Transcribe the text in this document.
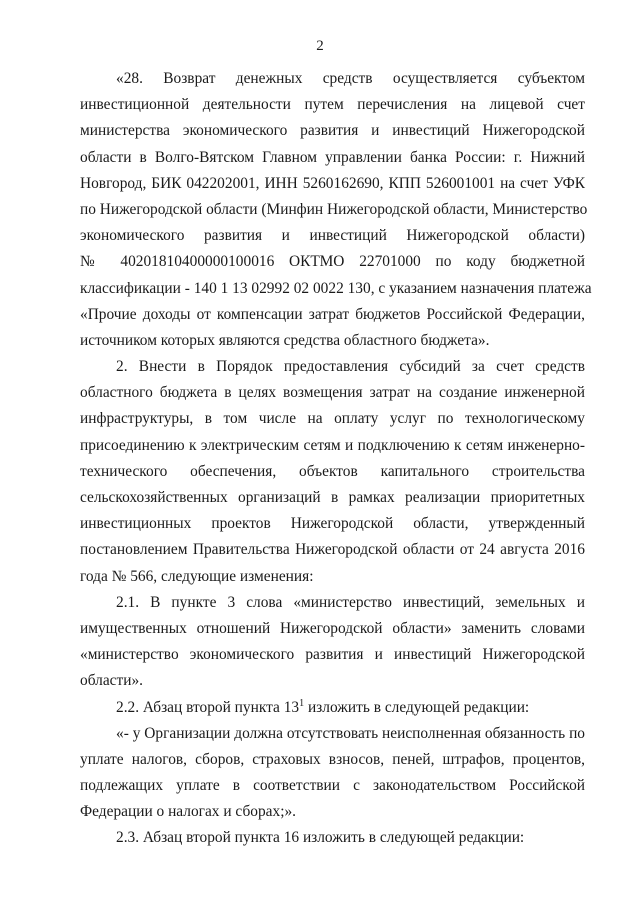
2
«28. Возврат денежных средств осуществляется субъектом
инвестиционной деятельности путем перечисления на лицевой счет
министерства экономического развития и инвестиций Нижегородской
области в Волго-Вятском Главном управлении банка России: г. Нижний
Новгород, БИК 042202001, ИНН 5260162690, КПП 526001001 на счет УФК
по Нижегородской области (Минфин Нижегородской области, Министерство
экономического развития и инвестиций Нижегородской области)
№ 40201810400000100016 ОКТМО 22701000 по коду бюджетной
классификации - 140 1 13 02992 02 0022 130, с указанием назначения платежа
«Прочие доходы от компенсации затрат бюджетов Российской Федерации,
источником которых являются средства областного бюджета».
2. Внести в Порядок предоставления субсидий за счет средств
областного бюджета в целях возмещения затрат на создание инженерной
инфраструктуры, в том числе на оплату услуг по технологическому
присоединению к электрическим сетям и подключению к сетям инженерно-
технического обеспечения, объектов капитального строительства
сельскохозяйственных организаций в рамках реализации приоритетных
инвестиционных проектов Нижегородской области, утвержденный
постановлением Правительства Нижегородской области от 24 августа 2016
года № 566, следующие изменения:
2.1. В пункте 3 слова «министерство инвестиций, земельных и
имущественных отношений Нижегородской области» заменить словами
«министерство экономического развития и инвестиций Нижегородской
области».
2.2. Абзац второй пункта $13^1$ изложить в следующей редакции:
«- у Организации должна отсутствовать неисполненная обязанность по
уплате налогов, сборов, страховых взносов, пеней, штрафов, процентов,
подлежащих уплате в соответствии с законодательством Российской
Федерации о налогах и сборах;».
2.3. Абзац второй пункта 16 изложить в следующей редакции:
